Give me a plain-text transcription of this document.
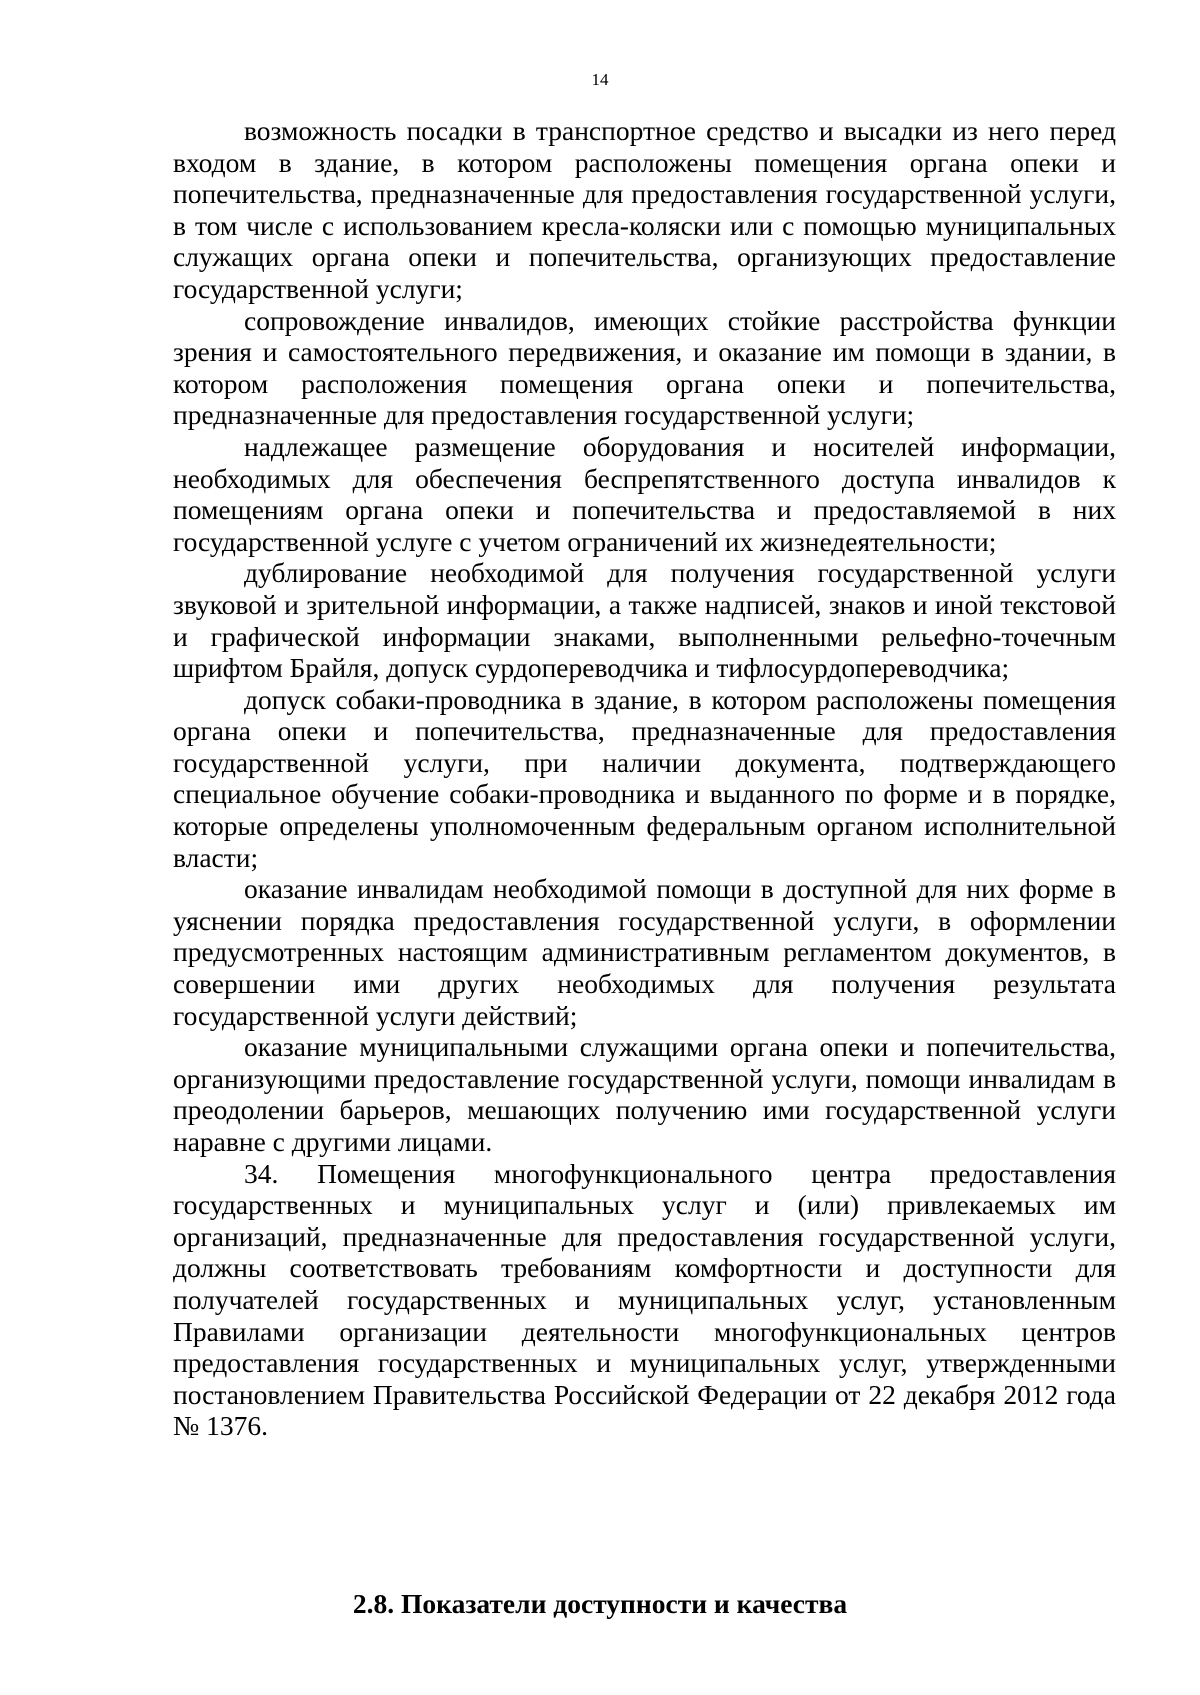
14

возможность посадки в транспортное средство и высадки из него перед входом в здание, в котором расположены помещения органа опеки и попечительства, предназначенные для предоставления государственной услуги, в том числе с использованием кресла-коляски или с помощью муниципальных служащих органа опеки и попечительства, организующих предоставление государственной услуги;

сопровождение инвалидов, имеющих стойкие расстройства функции зрения и самостоятельного передвижения, и оказание им помощи в здании, в котором расположения помещения органа опеки и попечительства, предназначенные для предоставления государственной услуги;

надлежащее размещение оборудования и носителей информации, необходимых для обеспечения беспрепятственного доступа инвалидов к помещениям органа опеки и попечительства и предоставляемой в них государственной услуге с учетом ограничений их жизнедеятельности;

дублирование необходимой для получения государственной услуги звуковой и зрительной информации, а также надписей, знаков и иной текстовой и графической информации знаками, выполненными рельефно-точечным шрифтом Брайля, допуск сурдопереводчика и тифлосурдопереводчика;

допуск собаки-проводника в здание, в котором расположены помещения органа опеки и попечительства, предназначенные для предоставления государственной услуги, при наличии документа, подтверждающего специальное обучение собаки-проводника и выданного по форме и в порядке, которые определены уполномоченным федеральным органом исполнительной власти;

оказание инвалидам необходимой помощи в доступной для них форме в уяснении порядка предоставления государственной услуги, в оформлении предусмотренных настоящим административным регламентом документов, в совершении ими других необходимых для получения результата государственной услуги действий;

оказание муниципальными служащими органа опеки и попечительства, организующими предоставление государственной услуги, помощи инвалидам в преодолении барьеров, мешающих получению ими государственной услуги наравне с другими лицами.

34. Помещения многофункционального центра предоставления государственных и муниципальных услуг и (или) привлекаемых им организаций, предназначенные для предоставления государственной услуги, должны соответствовать требованиям комфортности и доступности для получателей государственных и муниципальных услуг, установленным Правилами организации деятельности многофункциональных центров предоставления государственных и муниципальных услуг, утвержденными постановлением Правительства Российской Федерации от 22 декабря 2012 года № 1376.

2.8. Показатели доступности и качества
